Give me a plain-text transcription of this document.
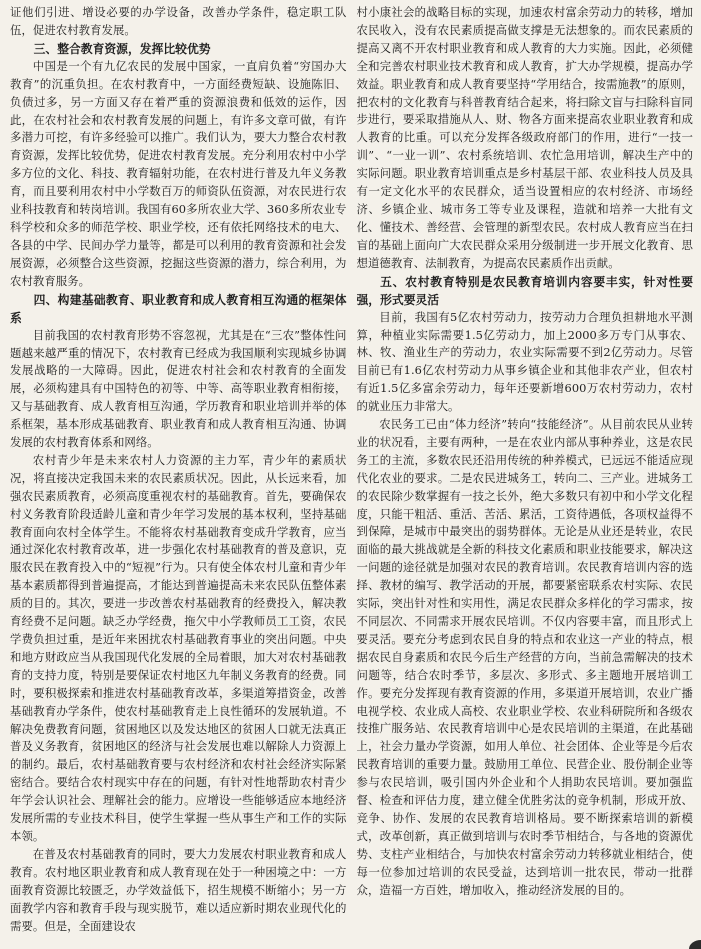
证他们引进、增设必要的办学设备，改善办学条件，稳定职工队伍，促进农村教育发展。

三、整合教育资源，发挥比较优势

中国是一个有九亿农民的发展中国家，一直肩负着“穷国办大教育”的沉重负担。在农村教育中，一方面经费短缺、设施陈旧、负债过多，另一方面又存在着严重的资源浪费和低效的运作，因此，在农村社会和农村教育发展的问题上，有许多文章可做，有许多潜力可挖，有许多经验可以推广。我们认为，要大力整合农村教育资源，发挥比较优势，促进农村教育发展。充分利用农村中小学多方位的文化、科技、教育辐射功能，在农村进行普及九年义务教育，而且要利用农村中小学数百万的师资队伍资源，对农民进行农业科技教育和转岗培训。我国有60多所农业大学、360多所农业专科学校和众多的师范学校、职业学校，还有依托网络技术的电大、各县的中学、民间办学力量等，都是可以利用的教育资源和社会发展资源，必须整合这些资源，挖掘这些资源的潜力，综合利用，为农村教育服务。

四、构建基础教育、职业教育和成人教育相互沟通的框架体系

目前我国的农村教育形势不容忽视，尤其是在“三农”整体性问题越来越严重的情况下，农村教育已经成为我国顺利实现城乡协调发展战略的一大障碍。因此，促进农村社会和农村教育的全面发展，必须构建具有中国特色的初等、中等、高等职业教育相衔接，又与基础教育、成人教育相互沟通，学历教育和职业培训并举的体系框架，基本形成基础教育、职业教育和成人教育相互沟通、协调发展的农村教育体系和网络。

农村青少年是未来农村人力资源的主力军，青少年的素质状况，将直接决定我国未来的农民素质状况。因此，从长远来看，加强农民素质教育，必须高度重视农村的基础教育。首先，要确保农村义务教育阶段适龄儿童和青少年学习发展的基本权利，坚持基础教育面向农村全体学生。不能将农村基础教育变成升学教育，应当通过深化农村教育改革，进一步强化农村基础教育的普及意识，克服农民在教育投入中的“短视”行为。只有使全体农村儿童和青少年基本素质都得到普遍提高，才能达到普遍提高未来农民队伍整体素质的目的。其次，要进一步改善农村基础教育的经费投入，解决教育经费不足问题。缺乏办学经费，拖欠中小学教师员工工资，农民学费负担过重，是近年来困扰农村基础教育事业的突出问题。中央和地方财政应当从我国现代化发展的全局着眼，加大对农村基础教育的支持力度，特别是要保证农村地区九年制义务教育的经费。同时，要积极探索和推进农村基础教育改革，多渠道筹措资金，改善基础教育办学条件，使农村基础教育走上良性循环的发展轨道。不解决免费教育问题，贫困地区以及发达地区的贫困人口就无法真正普及义务教育，贫困地区的经济与社会发展也难以解除人力资源上的制约。最后，农村基础教育要与农村经济和农村社会经济实际紧密结合。要结合农村现实中存在的问题，有针对性地帮助农村青少年学会认识社会、理解社会的能力。应增设一些能够适应本地经济发展所需的专业技术科目，使学生掌握一些从事生产和工作的实际本领。

在普及农村基础教育的同时，要大力发展农村职业教育和成人教育。农村地区职业教育和成人教育现在处于一种困境之中：一方面教育资源比较匮乏，办学效益低下，招生规模不断缩小；另一方面教学内容和教育手段与现实脱节，难以适应新时期农业现代化的需要。但是，全面建设农

村小康社会的战略目标的实现，加速农村富余劳动力的转移，增加农民收入，没有农民素质提高做支撑是无法想象的。而农民素质的提高又离不开农村职业教育和成人教育的大力实施。因此，必须健全和完善农村职业技术教育和成人教育，扩大办学规模，提高办学效益。职业教育和成人教育要坚持“学用结合，按需施教”的原则，把农村的文化教育与科普教育结合起来，将扫除文盲与扫除科盲同步进行，要采取措施从人、财、物各方面来提高农业职业教育和成人教育的比重。可以充分发挥各级政府部门的作用，进行“一技一训”、“一业一训”、农村系统培训、农忙急用培训，解决生产中的实际问题。职业教育培训重点是乡村基层干部、农业科技人员及具有一定文化水平的农民群众，适当设置相应的农村经济、市场经济、乡镇企业、城市务工等专业及课程，造就和培养一大批有文化、懂技术、善经营、会管理的新型农民。农村成人教育应当在扫盲的基础上面向广大农民群众采用分级制进一步开展文化教育、思想道德教育、法制教育，为提高农民素质作出贡献。

五、农村教育特别是农民教育培训内容要丰实，针对性要强，形式要灵活

目前，我国有5亿农村劳动力，按劳动力合理负担耕地水平测算，种植业实际需要1.5亿劳动力，加上2000多万专门从事农、林、牧、渔业生产的劳动力，农业实际需要不到2亿劳动力。尽管目前已有1.6亿农村劳动力从事乡镇企业和其他非农产业，但农村有近1.5亿多富余劳动力，每年还要新增600万农村劳动力，农村的就业压力非常大。

农民务工已由“体力经济”转向“技能经济”。从目前农民从业转业的状况看，主要有两种，一是在农业内部从事种养业，这是农民务工的主流，多数农民还沿用传统的种养模式，已远远不能适应现代化农业的要求。二是农民进城务工，转向二、三产业。进城务工的农民除少数掌握有一技之长外，绝大多数只有初中和小学文化程度，只能干粗活、重活、苦活、累活，工资待遇低，各项权益得不到保障，是城市中最突出的弱势群体。无论是从业还是转业，农民面临的最大挑战就是全新的科技文化素质和职业技能要求，解决这一问题的途径就是加强对农民的教育培训。农民教育培训内容的选择、教材的编写、教学活动的开展，都要紧密联系农村实际、农民实际，突出针对性和实用性，满足农民群众多样化的学习需求，按不同层次、不同需求开展农民培训。不仅内容要丰富，而且形式上要灵活。要充分考虑到农民自身的特点和农业这一产业的特点，根据农民自身素质和农民今后生产经营的方向，当前急需解决的技术问题等，结合农时季节，多层次、多形式、多主题地开展培训工作。要充分发挥现有教育资源的作用，多渠道开展培训，农业广播电视学校、农业成人高校、农业职业学校、农业科研院所和各级农技推广服务站、农民教育培训中心是农民培训的主渠道，在此基础上，社会力量办学资源，如用人单位、社会团体、企业等是今后农民教育培训的重要力量。鼓励用工单位、民营企业、股份制企业等参与农民培训，吸引国内外企业和个人捐助农民培训。要加强监督、检查和评估力度，建立健全优胜劣汰的竞争机制，形成开放、竞争、协作、发展的农民教育培训格局。要不断探索培训的新模式，改革创新，真正做到培训与农时季节相结合，与各地的资源优势、支柱产业相结合，与加快农村富余劳动力转移就业相结合，使每一位参加过培训的农民受益，达到培训一批农民，带动一批群众，造福一方百姓，增加收入，推动经济发展的目的。
